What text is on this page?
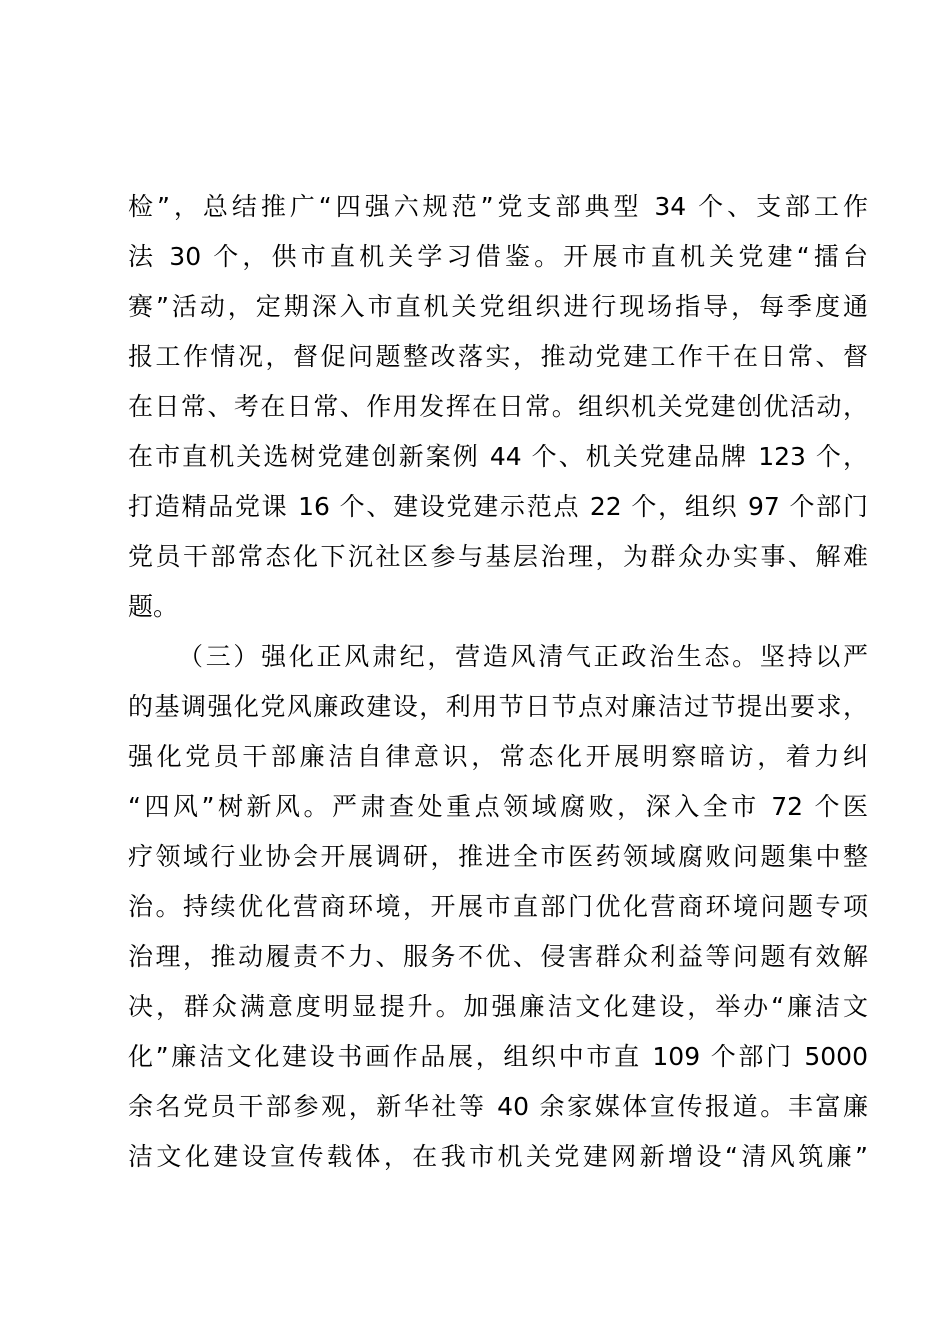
检”，总结推广“四强六规范”党支部典型 34 个、支部工作
法 30 个，供市直机关学习借鉴。开展市直机关党建“擂台
赛”活动，定期深入市直机关党组织进行现场指导，每季度通
报工作情况，督促问题整改落实，推动党建工作干在日常、督
在日常、考在日常、作用发挥在日常。组织机关党建创优活动，
在市直机关选树党建创新案例 44 个、机关党建品牌 123 个，
打造精品党课 16 个、建设党建示范点 22 个，组织 97 个部门
党员干部常态化下沉社区参与基层治理，为群众办实事、解难
题。
（三）强化正风肃纪，营造风清气正政治生态。坚持以严
的基调强化党风廉政建设，利用节日节点对廉洁过节提出要求，
强化党员干部廉洁自律意识，常态化开展明察暗访，着力纠
“四风”树新风。严肃查处重点领域腐败，深入全市 72 个医
疗领域行业协会开展调研，推进全市医药领域腐败问题集中整
治。持续优化营商环境，开展市直部门优化营商环境问题专项
治理，推动履责不力、服务不优、侵害群众利益等问题有效解
决，群众满意度明显提升。加强廉洁文化建设，举办“廉洁文
化”廉洁文化建设书画作品展，组织中市直 109 个部门 5000
余名党员干部参观，新华社等 40 余家媒体宣传报道。丰富廉
洁文化建设宣传载体，在我市机关党建网新增设“清风筑廉”
